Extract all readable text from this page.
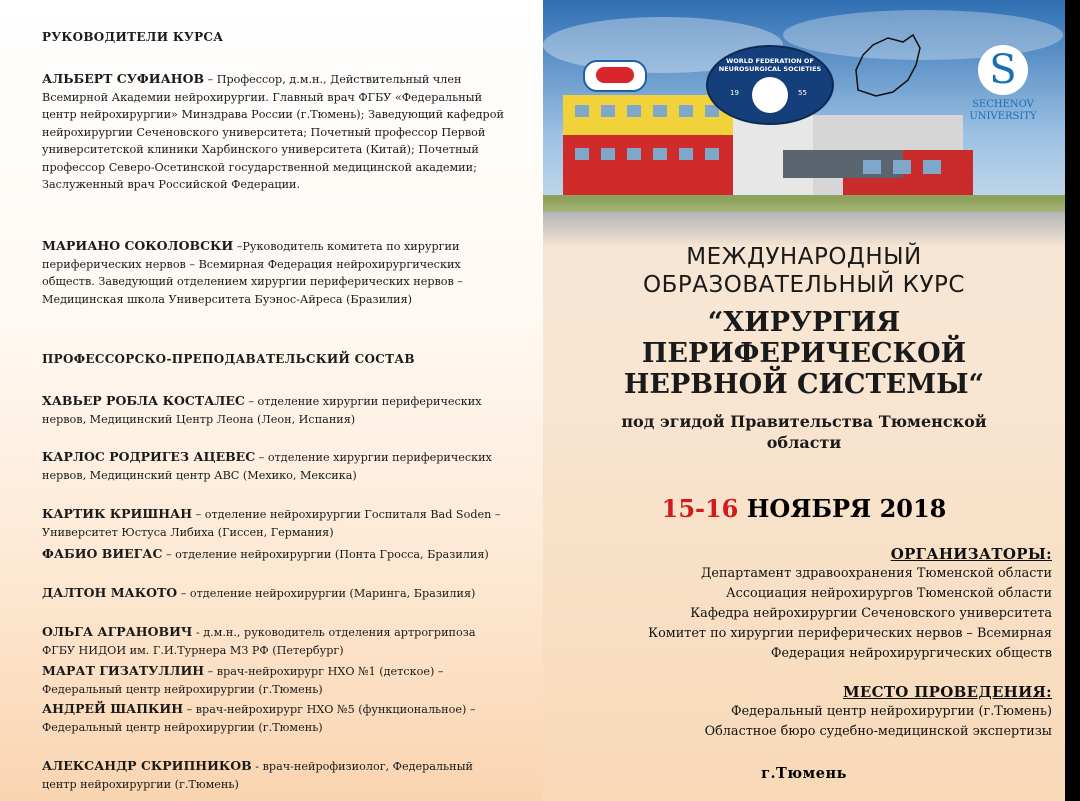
РУКОВОДИТЕЛИ КУРСА

АЛЬБЕРТ СУФИАНОВ – Профессор, д.м.н., Действительный член Всемирной Академии нейрохирургии. Главный врач ФГБУ «Федеральный центр нейрохирургии» Минздрава России (г.Тюмень); Заведующий кафедрой нейрохирургии Сеченовского университета; Почетный профессор Первой университетской клиники Харбинского университета (Китай); Почетный профессор Северо-Осетинской государственной медицинской академии; Заслуженный врач Российской Федерации.

МАРИАНО СОКОЛОВСКИ –Руководитель комитета по хирургии периферических нервов – Всемирная Федерация нейрохирургических обществ. Заведующий отделением хирургии периферических нервов – Медицинская школа Университета Буэнос-Айреса (Бразилия)

ПРОФЕССОРСКО-ПРЕПОДАВАТЕЛЬСКИЙ СОСТАВ

ХАВЬЕР РОБЛА КОСТАЛЕС – отделение хирургии периферических нервов, Медицинский Центр Леона (Леон, Испания)

КАРЛОС РОДРИГЕЗ АЦЕВЕС – отделение хирургии периферических нервов, Медицинский центр АВС (Мехико, Мексика)

КАРТИК КРИШНАН – отделение нейрохирургии Госпиталя Bad Soden – Университет Юстуса Либиха (Гиссен, Германия)

ФАБИО ВИЕГАС – отделение нейрохирургии (Понта Гросса, Бразилия)

ДАЛТОН МАКОТО – отделение нейрохирургии (Маринга, Бразилия)

ОЛЬГА АГРАНОВИЧ - д.м.н., руководитель отделения артрогрипоза ФГБУ НИДОИ им. Г.И.Турнера МЗ РФ (Петербург)

МАРАТ ГИЗАТУЛЛИН – врач-нейрохирург НХО №1 (детское) – Федеральный центр нейрохирургии (г.Тюмень)

АНДРЕЙ ШАПКИН – врач-нейрохирург НХО №5 (функциональное) – Федеральный центр нейрохирургии (г.Тюмень)

АЛЕКСАНДР СКРИПНИКОВ - врач-нейрофизиолог, Федеральный центр нейрохирургии (г.Тюмень)

WORLD FEDERATION OF NEUROSURGICAL SOCIETIES
19	55	S
SECHENOV UNIVERSITY
МЕЖДУНАРОДНЫЙ
ОБРАЗОВАТЕЛЬНЫЙ КУРС
“ХИРУРГИЯ
ПЕРИФЕРИЧЕСКОЙ
НЕРВНОЙ СИСТЕМЫ“
под эгидой Правительства Тюменской
области
15-16 НОЯБРЯ 2018
ОРГАНИЗАТОРЫ:
Департамент здравоохранения Тюменской области
Ассоциация нейрохирургов Тюменской области
Кафедра нейрохирургии Сеченовского университета
Комитет по хирургии периферических нервов – Всемирная
Федерация нейрохирургических обществ
МЕСТО ПРОВЕДЕНИЯ:
Федеральный центр нейрохирургии (г.Тюмень)
Областное бюро судебно-медицинской экспертизы
г.Тюмень
